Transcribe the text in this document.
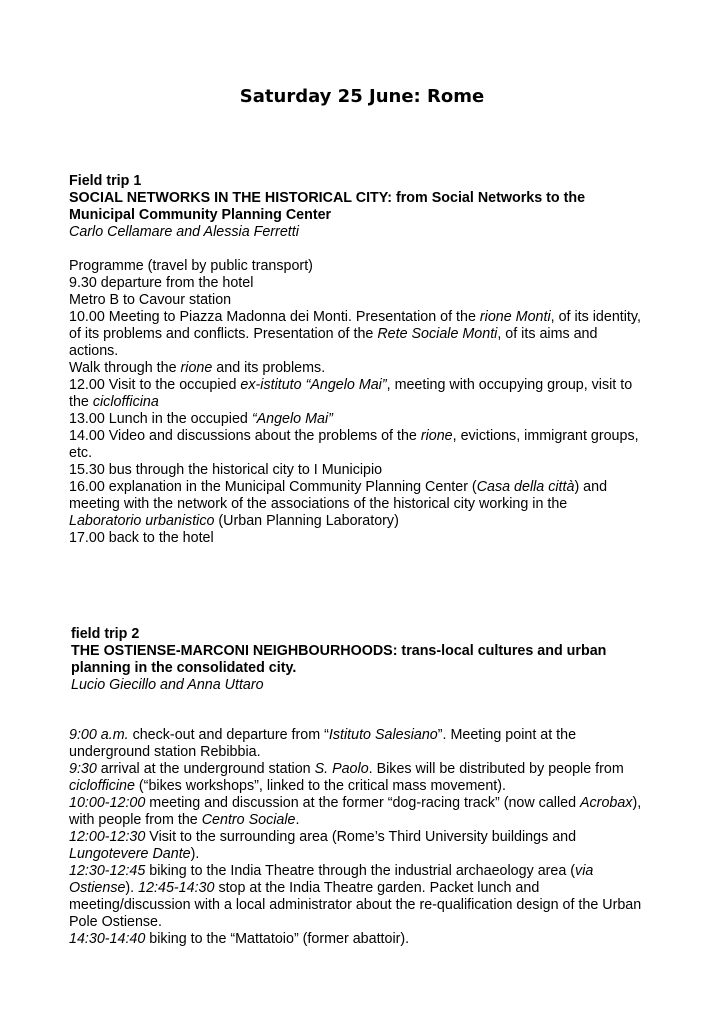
Saturday 25 June: Rome
Field trip 1
SOCIAL NETWORKS IN THE HISTORICAL CITY: from Social Networks to the
Municipal Community Planning Center
Carlo Cellamare and Alessia Ferretti
Programme (travel by public transport)
9.30 departure from the hotel
Metro B to Cavour station
10.00 Meeting to Piazza Madonna dei Monti. Presentation of the rione Monti, of its identity,
of its problems and conflicts. Presentation of the Rete Sociale Monti, of its aims and
actions.
Walk through the rione and its problems.
12.00 Visit to the occupied ex-istituto “Angelo Mai”, meeting with occupying group, visit to
the ciclofficina
13.00 Lunch in the occupied “Angelo Mai”
14.00 Video and discussions about the problems of the rione, evictions, immigrant groups,
etc.
15.30 bus through the historical city to I Municipio
16.00 explanation in the Municipal Community Planning Center (Casa della città) and
meeting with the network of the associations of the historical city working in the
Laboratorio urbanistico (Urban Planning Laboratory)
17.00 back to the hotel
field trip 2
THE OSTIENSE-MARCONI NEIGHBOURHOODS: trans-local cultures and urban
planning in the consolidated city.
Lucio Giecillo and Anna Uttaro
9:00 a.m. check-out and departure from “Istituto Salesiano”. Meeting point at the
underground station Rebibbia.
9:30 arrival at the underground station S. Paolo. Bikes will be distributed by people from
ciclofficine (“bikes workshops”, linked to the critical mass movement).
10:00-12:00 meeting and discussion at the former “dog-racing track” (now called Acrobax),
with people from the Centro Sociale.
12:00-12:30 Visit to the surrounding area (Rome’s Third University buildings and
Lungotevere Dante).
12:30-12:45 biking to the India Theatre through the industrial archaeology area (via
Ostiense). 12:45-14:30 stop at the India Theatre garden. Packet lunch and
meeting/discussion with a local administrator about the re-qualification design of the Urban
Pole Ostiense.
14:30-14:40 biking to the “Mattatoio” (former abattoir).
